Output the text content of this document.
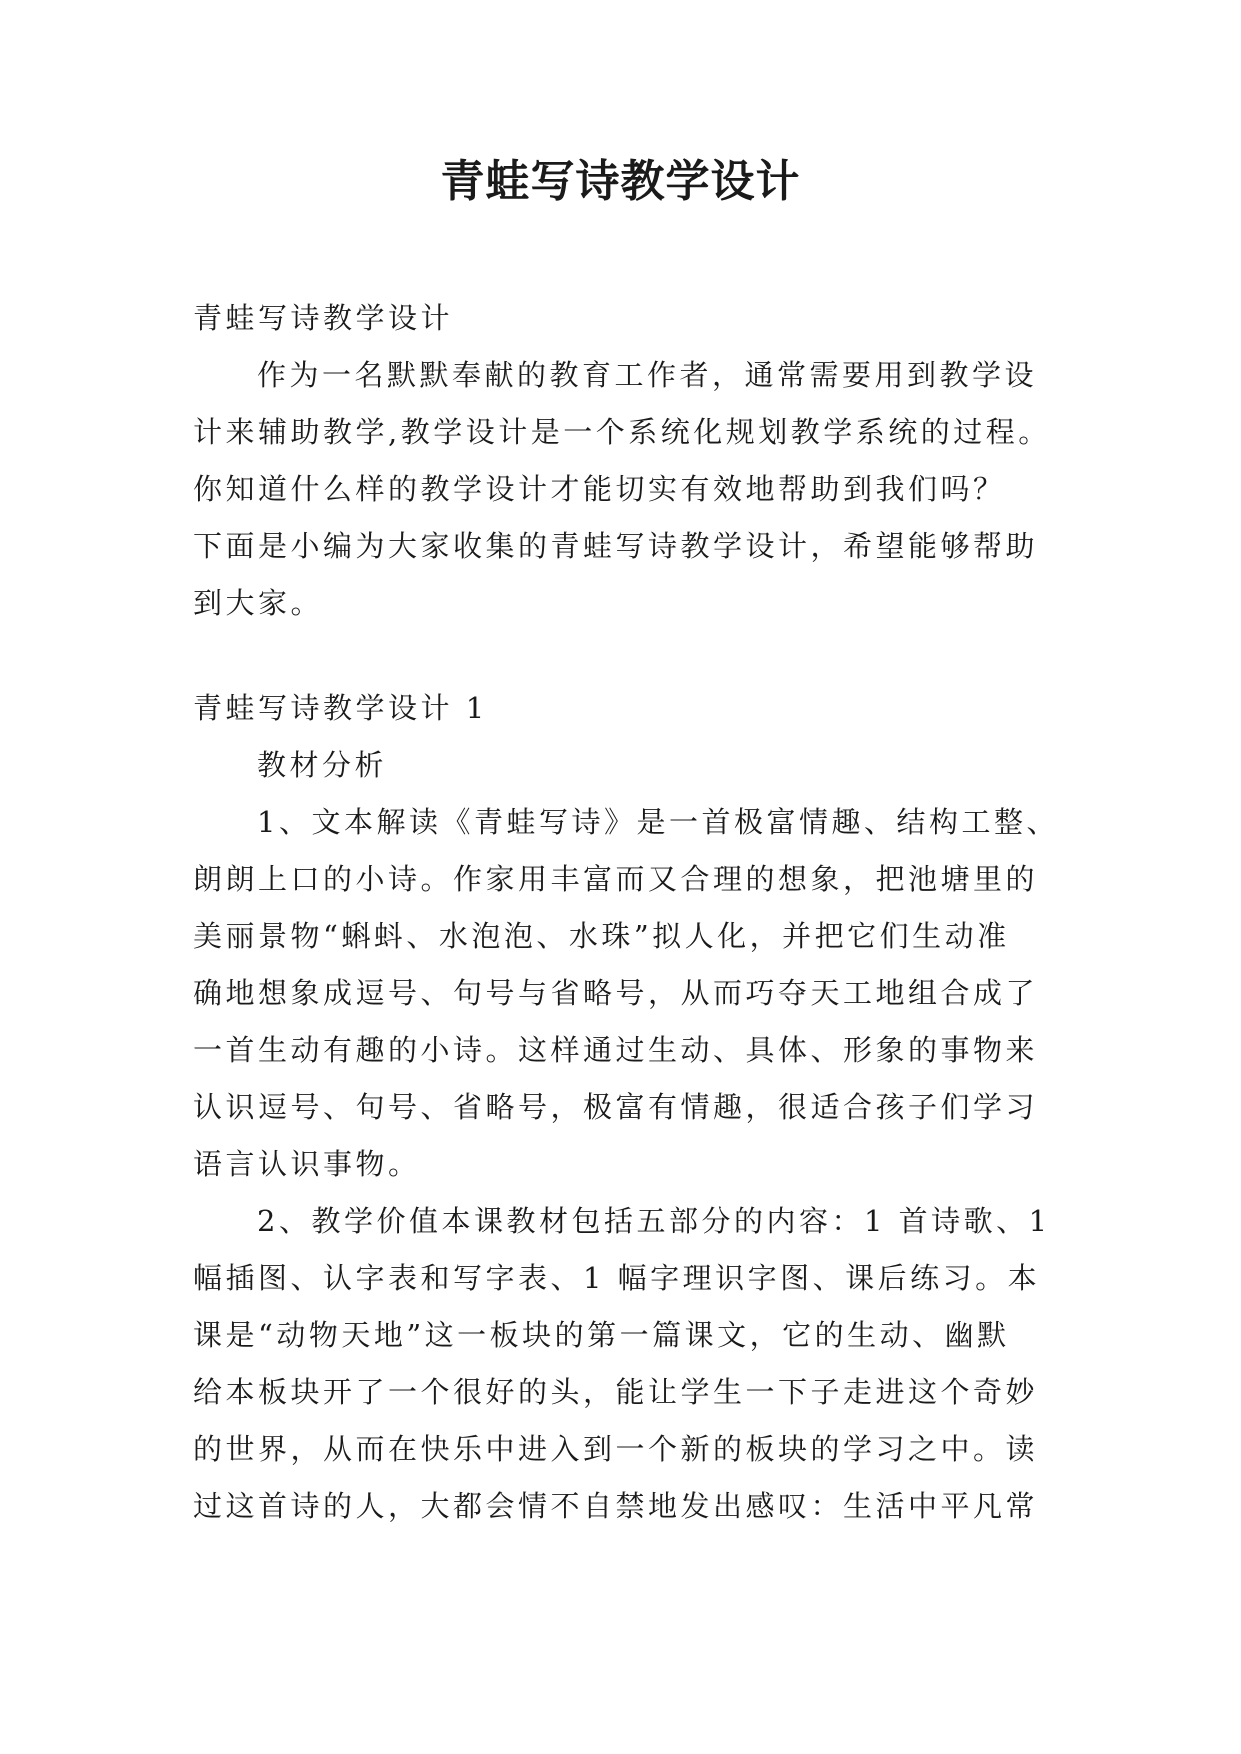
青蛙写诗教学设计
青蛙写诗教学设计
作为一名默默奉献的教育工作者，通常需要用到教学设
计来辅助教学,教学设计是一个系统化规划教学系统的过程。
你知道什么样的教学设计才能切实有效地帮助到我们吗？
下面是小编为大家收集的青蛙写诗教学设计，希望能够帮助
到大家。
青蛙写诗教学设计 1
教材分析
1、文本解读《青蛙写诗》是一首极富情趣、结构工整、
朗朗上口的小诗。作家用丰富而又合理的想象，把池塘里的
美丽景物“蝌蚪、水泡泡、水珠”拟人化，并把它们生动准
确地想象成逗号、句号与省略号，从而巧夺天工地组合成了
一首生动有趣的小诗。这样通过生动、具体、形象的事物来
认识逗号、句号、省略号，极富有情趣，很适合孩子们学习
语言认识事物。
2、教学价值本课教材包括五部分的内容：1 首诗歌、1
幅插图、认字表和写字表、1 幅字理识字图、课后练习。本
课是“动物天地”这一板块的第一篇课文，它的生动、幽默
给本板块开了一个很好的头，能让学生一下子走进这个奇妙
的世界，从而在快乐中进入到一个新的板块的学习之中。读
过这首诗的人，大都会情不自禁地发出感叹：生活中平凡常
